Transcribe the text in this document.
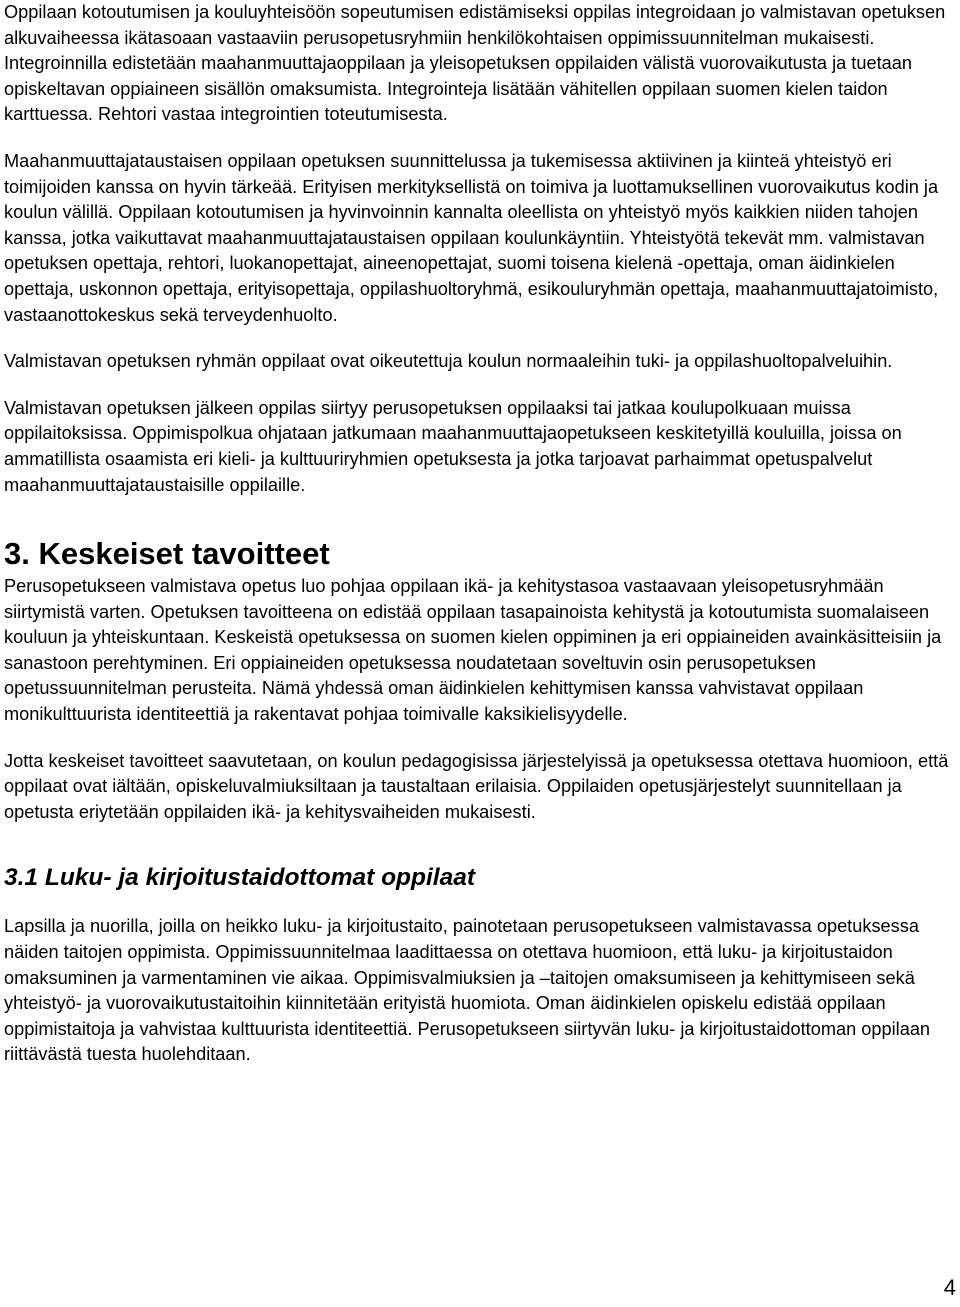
Oppilaan kotoutumisen ja kouluyhteisöön sopeutumisen edistämiseksi oppilas integroidaan jo valmistavan opetuksen alkuvaiheessa ikätasoaan vastaaviin perusopetusryhmiin henkilökohtaisen oppimissuunnitelman mukaisesti. Integroinnilla edistetään maahanmuuttajaoppilaan ja yleisopetuksen oppilaiden välistä vuorovaikutusta ja tuetaan opiskeltavan oppiaineen sisällön omaksumista. Integrointeja lisätään vähitellen oppilaan suomen kielen taidon karttuessa. Rehtori vastaa integrointien toteutumisesta.

Maahanmuuttajataustaisen oppilaan opetuksen suunnittelussa ja tukemisessa aktiivinen ja kiinteä yhteistyö eri toimijoiden kanssa on hyvin tärkeää. Erityisen merkityksellistä on toimiva ja luottamuksellinen vuorovaikutus kodin ja koulun välillä. Oppilaan kotoutumisen ja hyvinvoinnin kannalta oleellista on yhteistyö myös kaikkien niiden tahojen kanssa, jotka vaikuttavat maahanmuuttajataustaisen oppilaan koulunkäyntiin. Yhteistyötä tekevät mm. valmistavan opetuksen opettaja, rehtori, luokanopettajat, aineenopettajat, suomi toisena kielenä -opettaja, oman äidinkielen opettaja, uskonnon opettaja, erityisopettaja, oppilashuoltoryhmä, esikouluryhmän opettaja, maahanmuuttajatoimisto, vastaanottokeskus sekä terveydenhuolto.

Valmistavan opetuksen ryhmän oppilaat ovat oikeutettuja koulun normaaleihin tuki- ja oppilashuoltopalveluihin.

Valmistavan opetuksen jälkeen oppilas siirtyy perusopetuksen oppilaaksi tai jatkaa koulupolkuaan muissa oppilaitoksissa. Oppimispolkua ohjataan jatkumaan maahanmuuttajaopetukseen keskitetyillä kouluilla, joissa on ammatillista osaamista eri kieli- ja kulttuuriryhmien opetuksesta ja jotka tarjoavat parhaimmat opetuspalvelut maahanmuuttajataustaisille oppilaille.

3. Keskeiset tavoitteet

Perusopetukseen valmistava opetus luo pohjaa oppilaan ikä- ja kehitystasoa vastaavaan yleisopetusryhmään siirtymistä varten. Opetuksen tavoitteena on edistää oppilaan tasapainoista kehitystä ja kotoutumista suomalaiseen kouluun ja yhteiskuntaan. Keskeistä opetuksessa on suomen kielen oppiminen ja eri oppiaineiden avainkäsitteisiin ja sanastoon perehtyminen. Eri oppiaineiden opetuksessa noudatetaan soveltuvin osin perusopetuksen opetussuunnitelman perusteita. Nämä yhdessä oman äidinkielen kehittymisen kanssa vahvistavat oppilaan monikulttuurista identiteettiä ja rakentavat pohjaa toimivalle kaksikielisyydelle.

Jotta keskeiset tavoitteet saavutetaan, on koulun pedagogisissa järjestelyissä ja opetuksessa otettava huomioon, että oppilaat ovat iältään, opiskeluvalmiuksiltaan ja taustaltaan erilaisia. Oppilaiden opetusjärjestelyt suunnitellaan ja opetusta eriytetään oppilaiden ikä- ja kehitysvaiheiden mukaisesti.

3.1 Luku- ja kirjoitustaidottomat oppilaat

Lapsilla ja nuorilla, joilla on heikko luku- ja kirjoitustaito, painotetaan perusopetukseen valmistavassa opetuksessa näiden taitojen oppimista. Oppimissuunnitelmaa laadittaessa on otettava huomioon, että luku- ja kirjoitustaidon omaksuminen ja varmentaminen vie aikaa. Oppimisvalmiuksien ja –taitojen omaksumiseen ja kehittymiseen sekä yhteistyö- ja vuorovaikutustaitoihin kiinnitetään erityistä huomiota. Oman äidinkielen opiskelu edistää oppilaan oppimistaitoja ja vahvistaa kulttuurista identiteettiä. Perusopetukseen siirtyvän luku- ja kirjoitustaidottoman oppilaan riittävästä tuesta huolehditaan.

4
